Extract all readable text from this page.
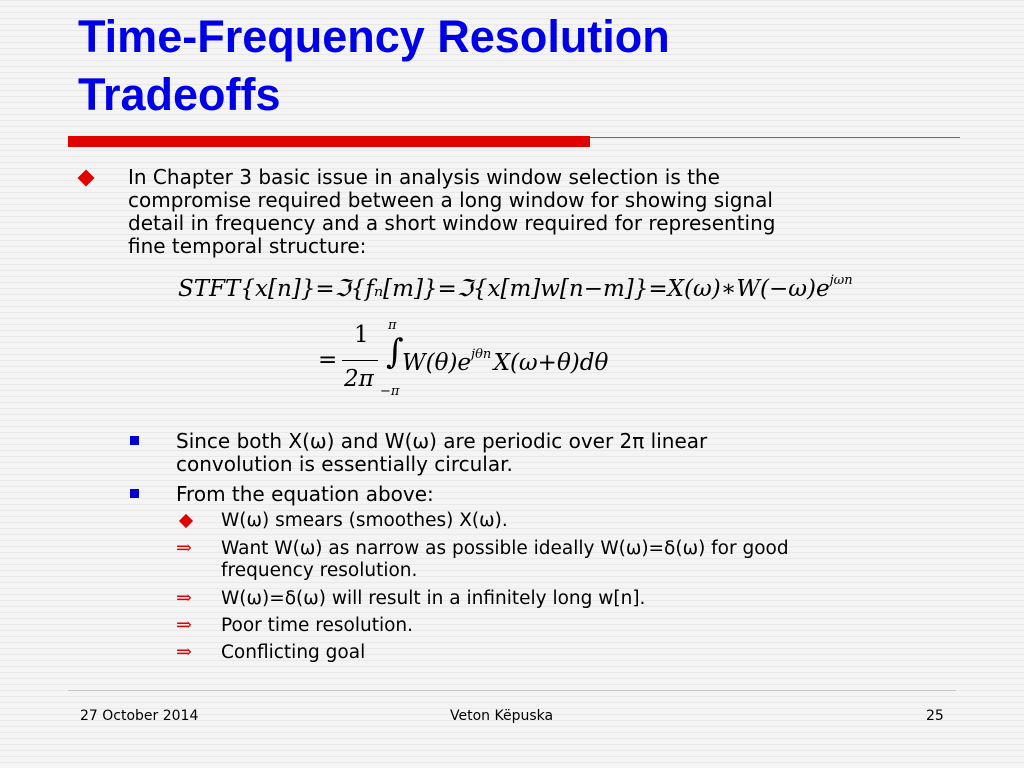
Time-Frequency Resolution
Tradeoffs
In Chapter 3 basic issue in analysis window selection is the
compromise required between a long window for showing signal
detail in frequency and a short window required for representing
fine temporal structure:
$STFT\{x[n]\}=ℑ\{f_n[m]\}=ℑ\{x[m]w[n-m]\}=X(\omega)∗W(-\omega)e^{j\omega n}$
=
1
2π
π
∫
−π
$W(\theta)e^{j\theta n}$ X(ω+θ)dθ
Since both X(ω) and W(ω) are periodic over 2π linear
convolution is essentially circular.
From the equation above:
W(ω) smears (smoothes) X(ω).
⇒ Want W(ω) as narrow as possible ideally W(ω)=δ(ω) for good
frequency resolution.
⇒ W(ω)=δ(ω) will result in a infinitely long w[n].
⇒ Poor time resolution.
⇒ Conflicting goal
27 October 2014	Veton Këpuska	25
